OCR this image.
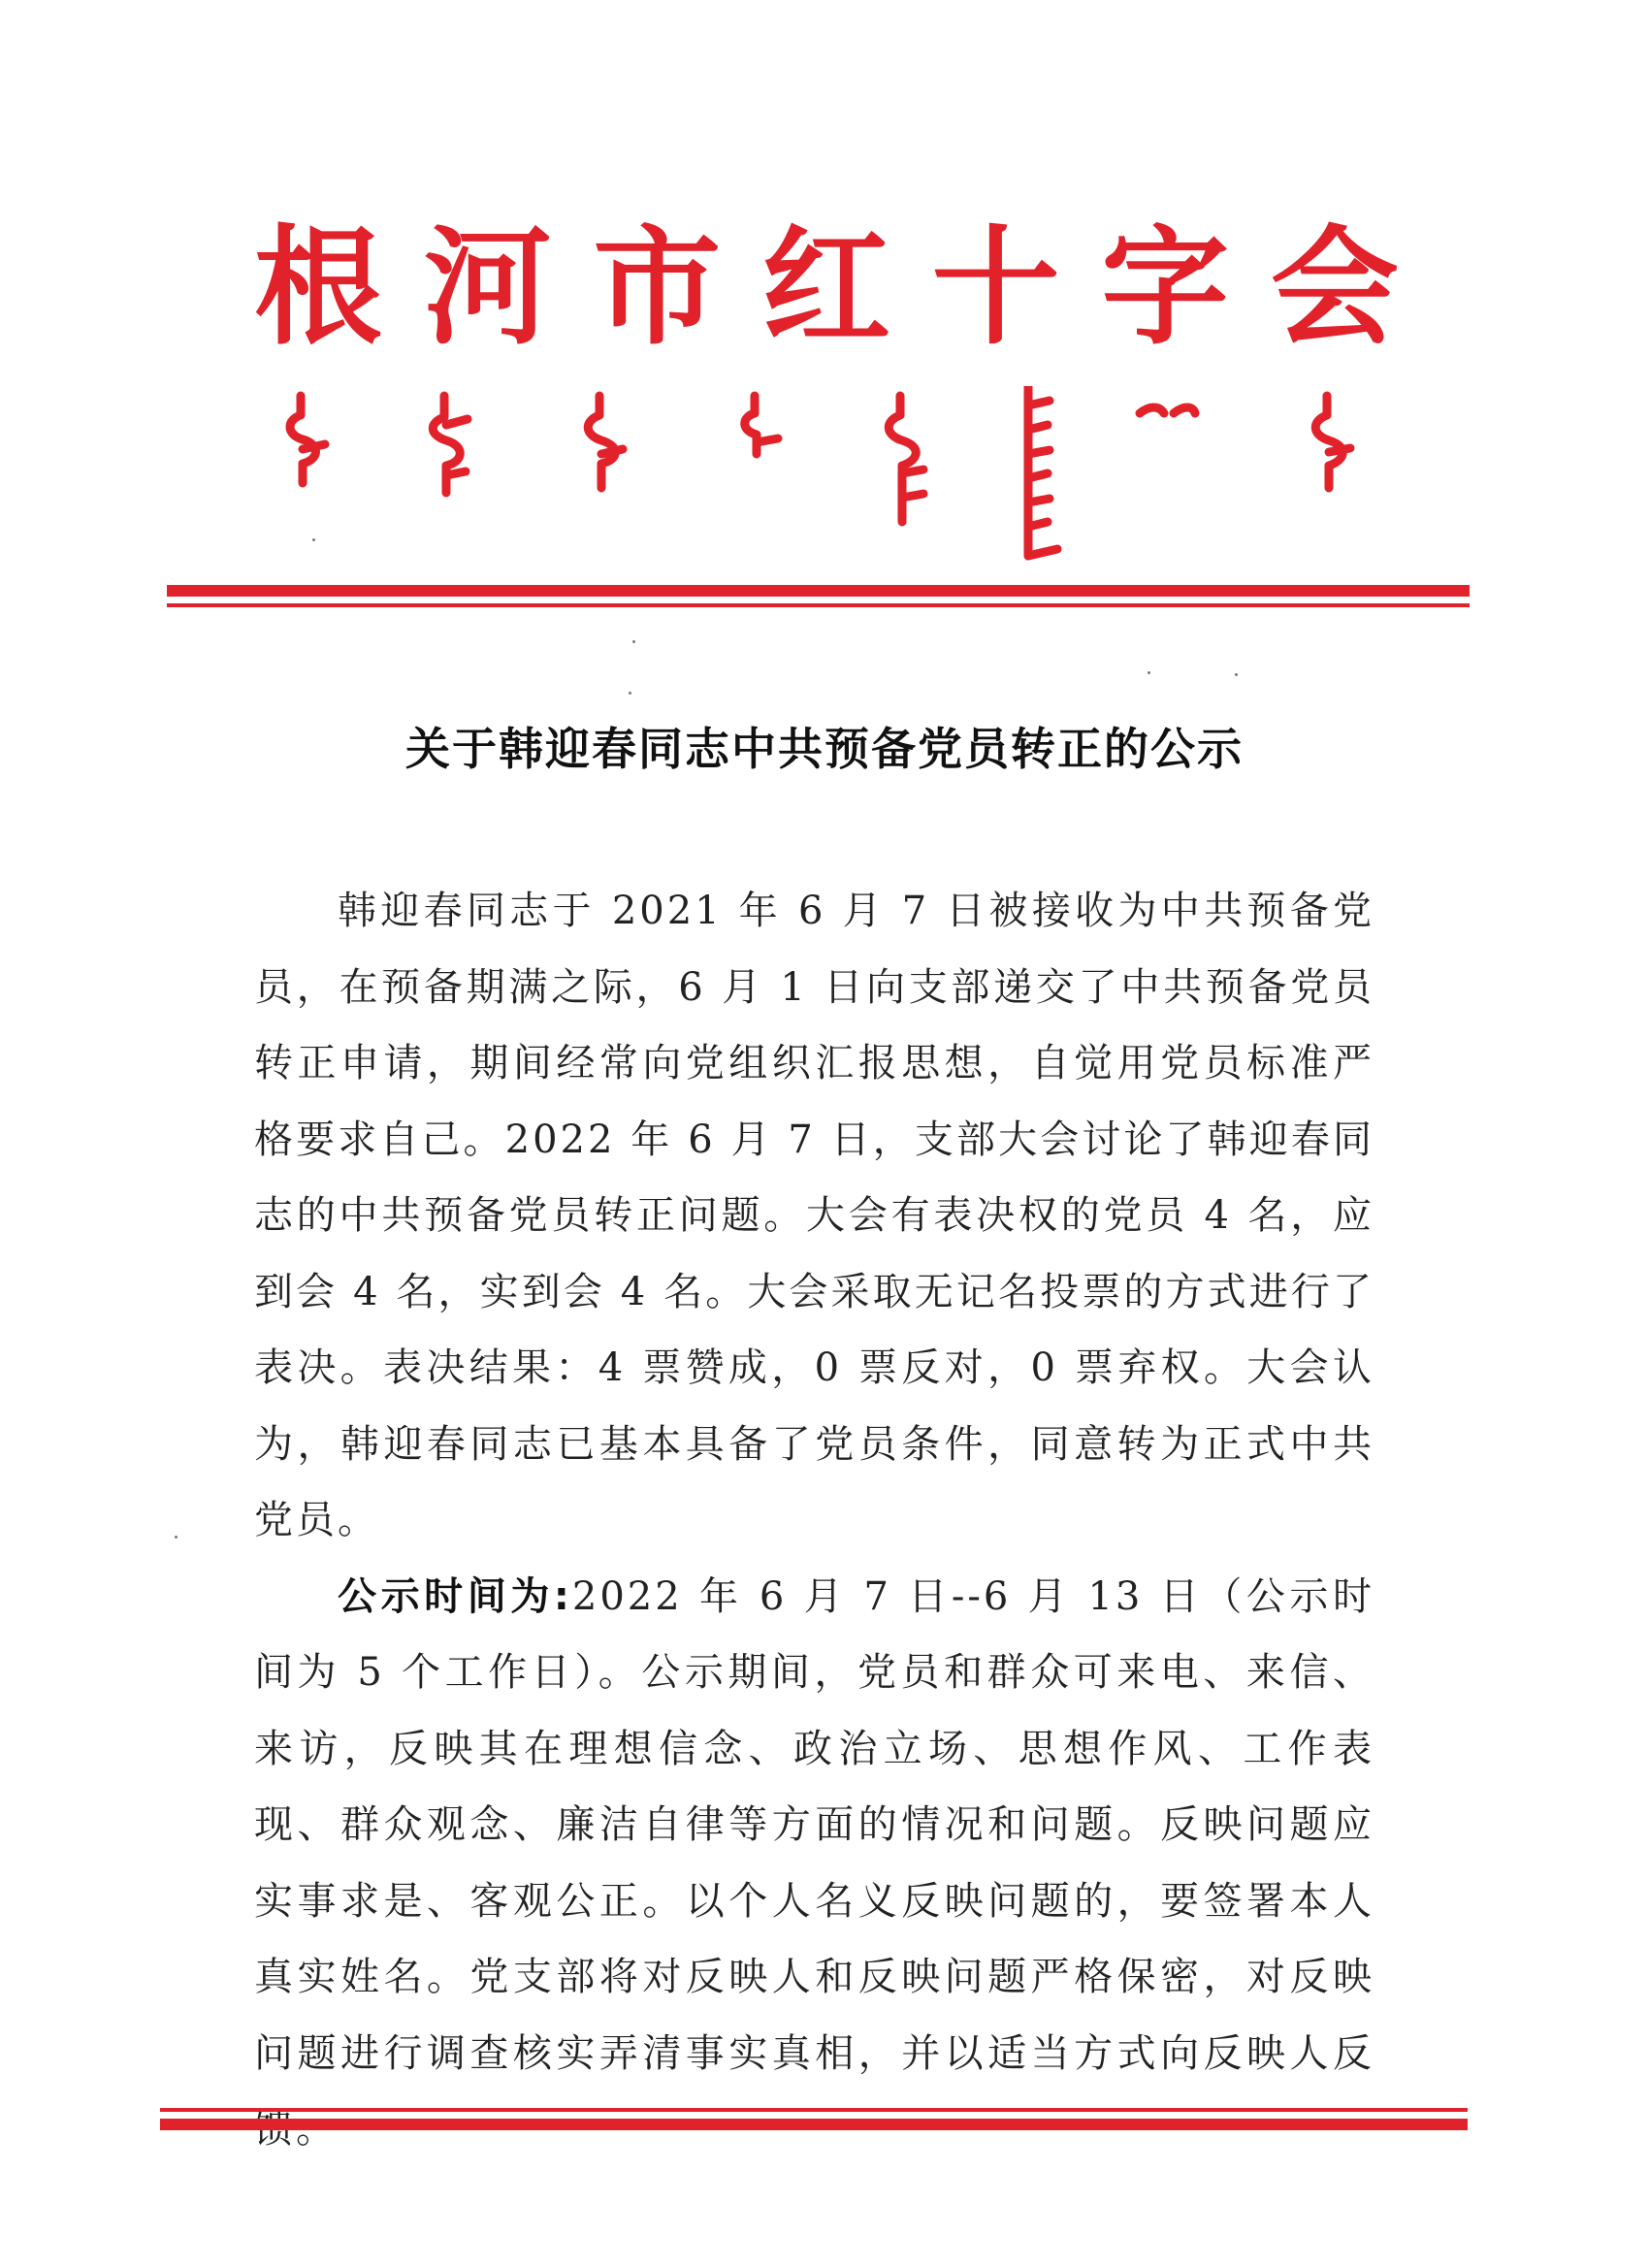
根 河 市 红 十 字 会
关于韩迎春同志中共预备党员转正的公示

韩迎春同志于 2021 年 6 月 7 日被接收为中共预备党员，在预备期满之际，6 月 1 日向支部递交了中共预备党员转正申请，期间经常向党组织汇报思想，自觉用党员标准严格要求自己。2022 年 6 月 7 日，支部大会讨论了韩迎春同志的中共预备党员转正问题。大会有表决权的党员 4 名，应到会 4 名，实到会 4 名。大会采取无记名投票的方式进行了表决。表决结果：4 票赞成，0 票反对，0 票弃权。大会认为，韩迎春同志已基本具备了党员条件，同意转为正式中共党员。

公示时间为:2022 年 6 月 7 日--6 月 13 日（公示时间为 5 个工作日）。公示期间，党员和群众可来电、来信、来访，反映其在理想信念、政治立场、思想作风、工作表现、群众观念、廉洁自律等方面的情况和问题。反映问题应实事求是、客观公正。以个人名义反映问题的，要签署本人真实姓名。党支部将对反映人和反映问题严格保密，对反映问题进行调查核实弄清事实真相，并以适当方式向反映人反
